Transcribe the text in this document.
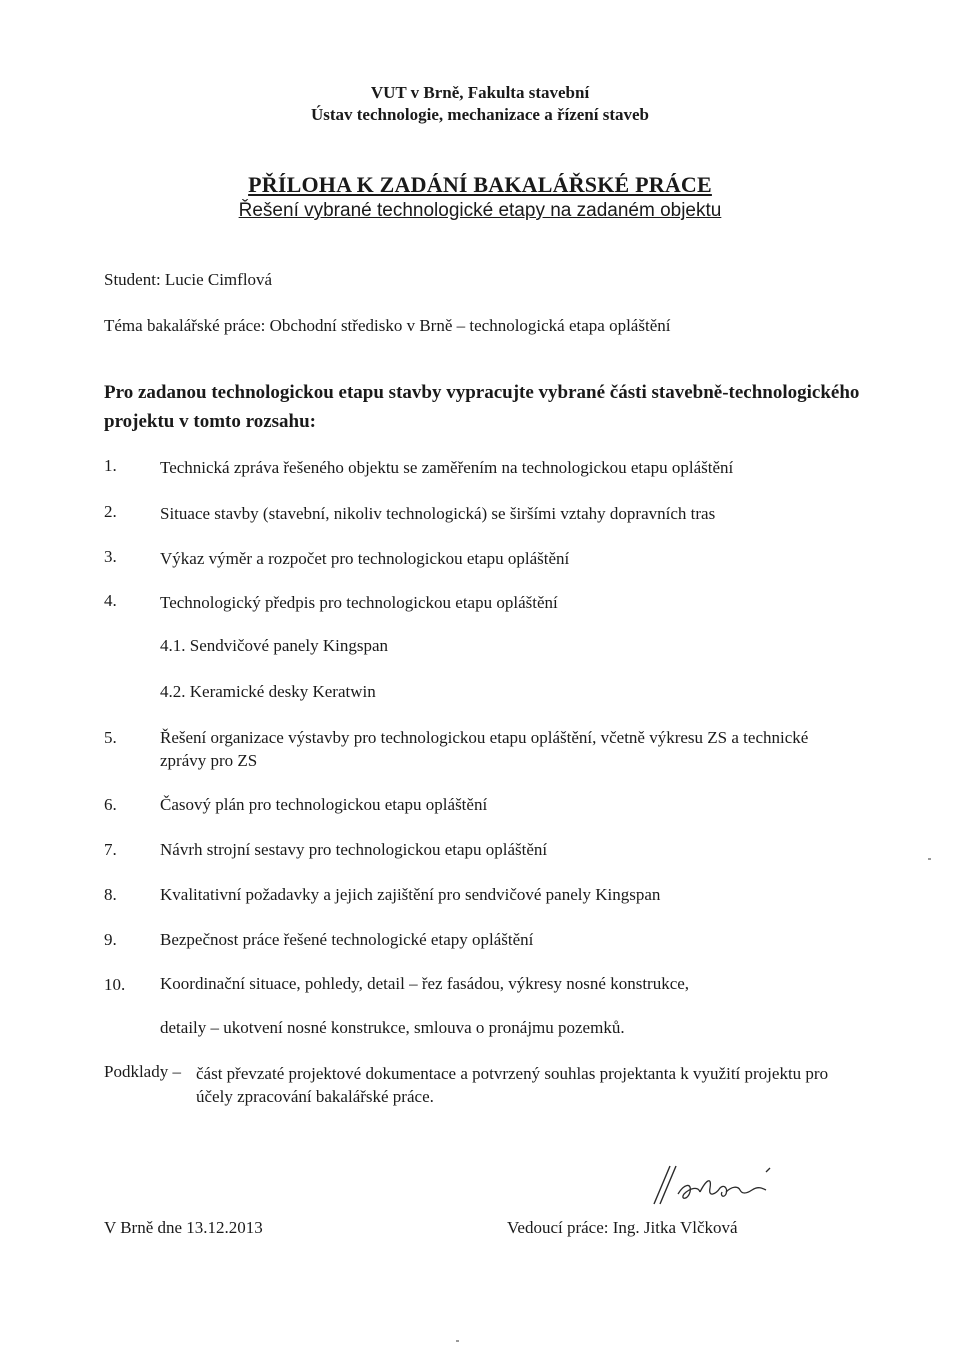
VUT v Brně, Fakulta stavební
Ústav technologie, mechanizace a řízení staveb
PŘÍLOHA K ZADÁNÍ BAKALÁŘSKÉ PRÁCE
Řešení vybrané technologické etapy na zadaném objektu
Student: Lucie Cimflová
Téma bakalářské práce: Obchodní středisko v Brně – technologická etapa opláštění
Pro zadanou technologickou etapu stavby vypracujte vybrané části stavebně-technologického projektu v tomto rozsahu:
1.	Technická zpráva řešeného objektu se zaměřením na technologickou etapu opláštění
2.	Situace stavby (stavební, nikoliv technologická) se širšími vztahy dopravních tras
3.	Výkaz výměr a rozpočet pro technologickou etapu opláštění
4.	Technologický předpis pro technologickou etapu opláštění
4.1. Sendvičové panely Kingspan
4.2. Keramické desky Keratwin
5.	Řešení organizace výstavby pro technologickou etapu opláštění, včetně výkresu ZS a technické zprávy pro ZS
6.	Časový plán pro technologickou etapu opláštění
7.	Návrh strojní sestavy pro technologickou etapu opláštění
8.	Kvalitativní požadavky a jejich zajištění pro sendvičové panely Kingspan
9.	Bezpečnost práce řešené technologické etapy opláštění
10. Koordinační situace, pohledy, detail – řez fasádou, výkresy nosné konstrukce,
detaily – ukotvení nosné konstrukce, smlouva o pronájmu pozemků.
Podklady – část převzaté projektové dokumentace a potvrzený souhlas projektanta k využití projektu pro účely zpracování bakalářské práce.
V Brně dne 13.12.2013	Vedoucí práce: Ing. Jitka Vlčková
